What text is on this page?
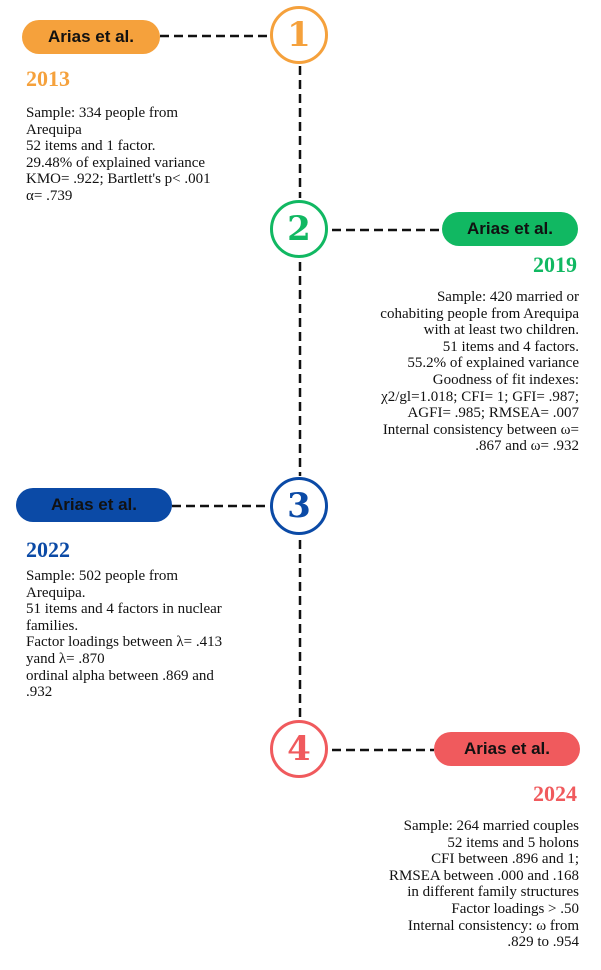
Arias et al.	1
2013
Sample: 334 people from
Arequipa
52 items and 1 factor.
29.48% of explained variance
KMO= .922; Bartlett's p< .001
α= .739
2	Arias et al.
2019
Sample: 420 married or
cohabiting people from Arequipa
with at least two children.
51 items and 4 factors.
55.2% of explained variance
Goodness of fit indexes:
χ2/gl=1.018; CFI= 1; GFI= .987;
AGFI= .985; RMSEA= .007
Internal consistency between ω=
.867 and ω= .932
Arias et al.	3
2022
Sample: 502 people from
Arequipa.
51 items and 4 factors in nuclear
families.
Factor loadings between λ= .413
yand λ= .870
ordinal alpha between .869 and
.932
4	Arias et al.
2024
Sample: 264 married couples
52 items and 5 holons
CFI between .896 and 1;
RMSEA between .000 and .168
in different family structures
Factor loadings > .50
Internal consistency: ω from
.829 to .954
